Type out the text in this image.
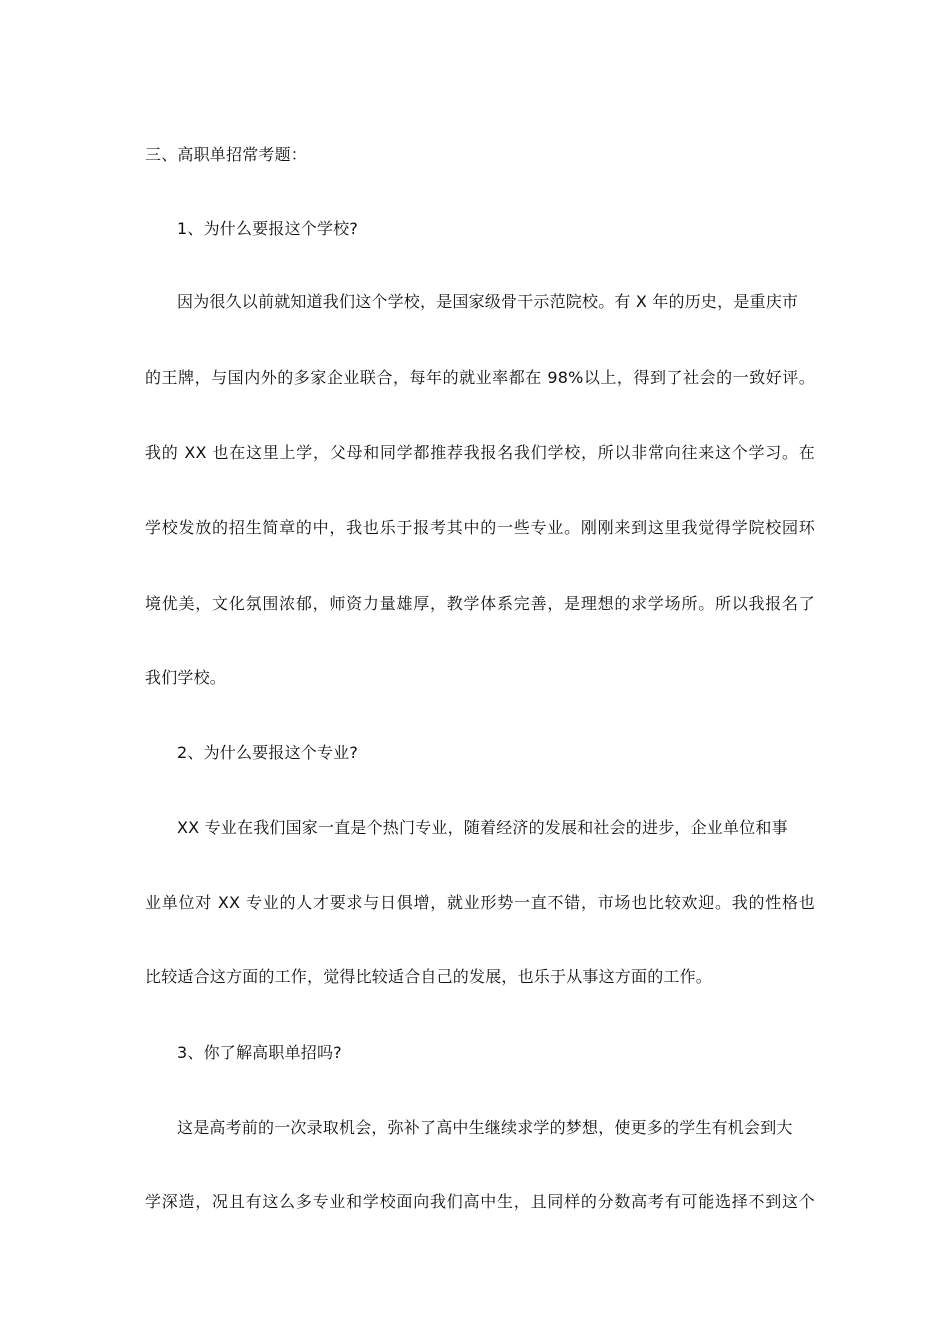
三、高职单招常考题：
1、为什么要报这个学校?
因为很久以前就知道我们这个学校，是国家级骨干示范院校。有 X 年的历史，是重庆市
的王牌，与国内外的多家企业联合，每年的就业率都在 98%以上，得到了社会的一致好评。
我的 XX 也在这里上学，父母和同学都推荐我报名我们学校，所以非常向往来这个学习。在
学校发放的招生简章的中，我也乐于报考其中的一些专业。刚刚来到这里我觉得学院校园环
境优美，文化氛围浓郁，师资力量雄厚，教学体系完善，是理想的求学场所。所以我报名了
我们学校。
2、为什么要报这个专业?
XX 专业在我们国家一直是个热门专业，随着经济的发展和社会的进步，企业单位和事
业单位对 XX 专业的人才要求与日俱增，就业形势一直不错，市场也比较欢迎。我的性格也
比较适合这方面的工作，觉得比较适合自己的发展，也乐于从事这方面的工作。
3、你了解高职单招吗?
这是高考前的一次录取机会，弥补了高中生继续求学的梦想，使更多的学生有机会到大
学深造，况且有这么多专业和学校面向我们高中生，且同样的分数高考有可能选择不到这个
